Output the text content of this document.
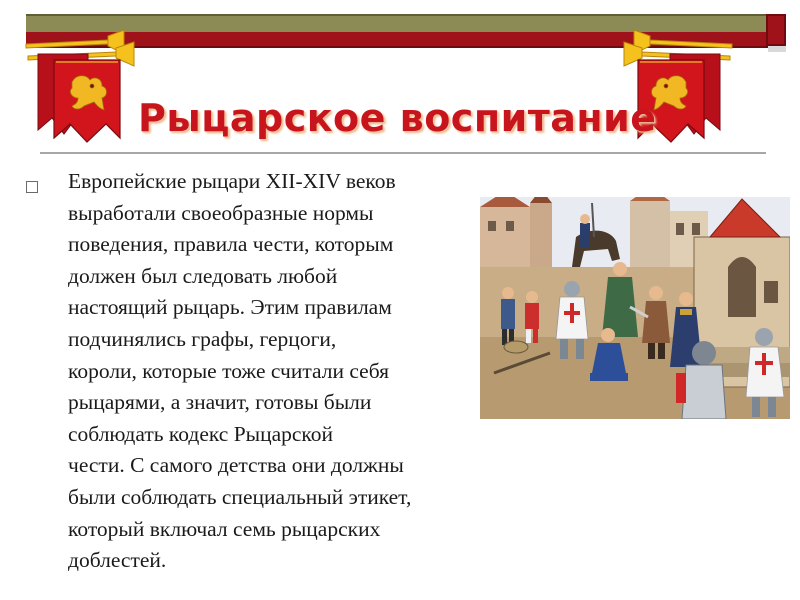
Рыцарское воспитание
Европейские рыцари XII-XIV веков
выработали своеобразные нормы
поведения, правила чести, которым
должен был следовать любой
настоящий рыцарь. Этим правилам
подчинялись графы, герцоги,
короли, которые тоже считали себя
рыцарями, а значит, готовы были
соблюдать кодекс Рыцарской
чести. С самого детства они должны
были соблюдать специальный этикет,
который включал семь рыцарских
доблестей.
